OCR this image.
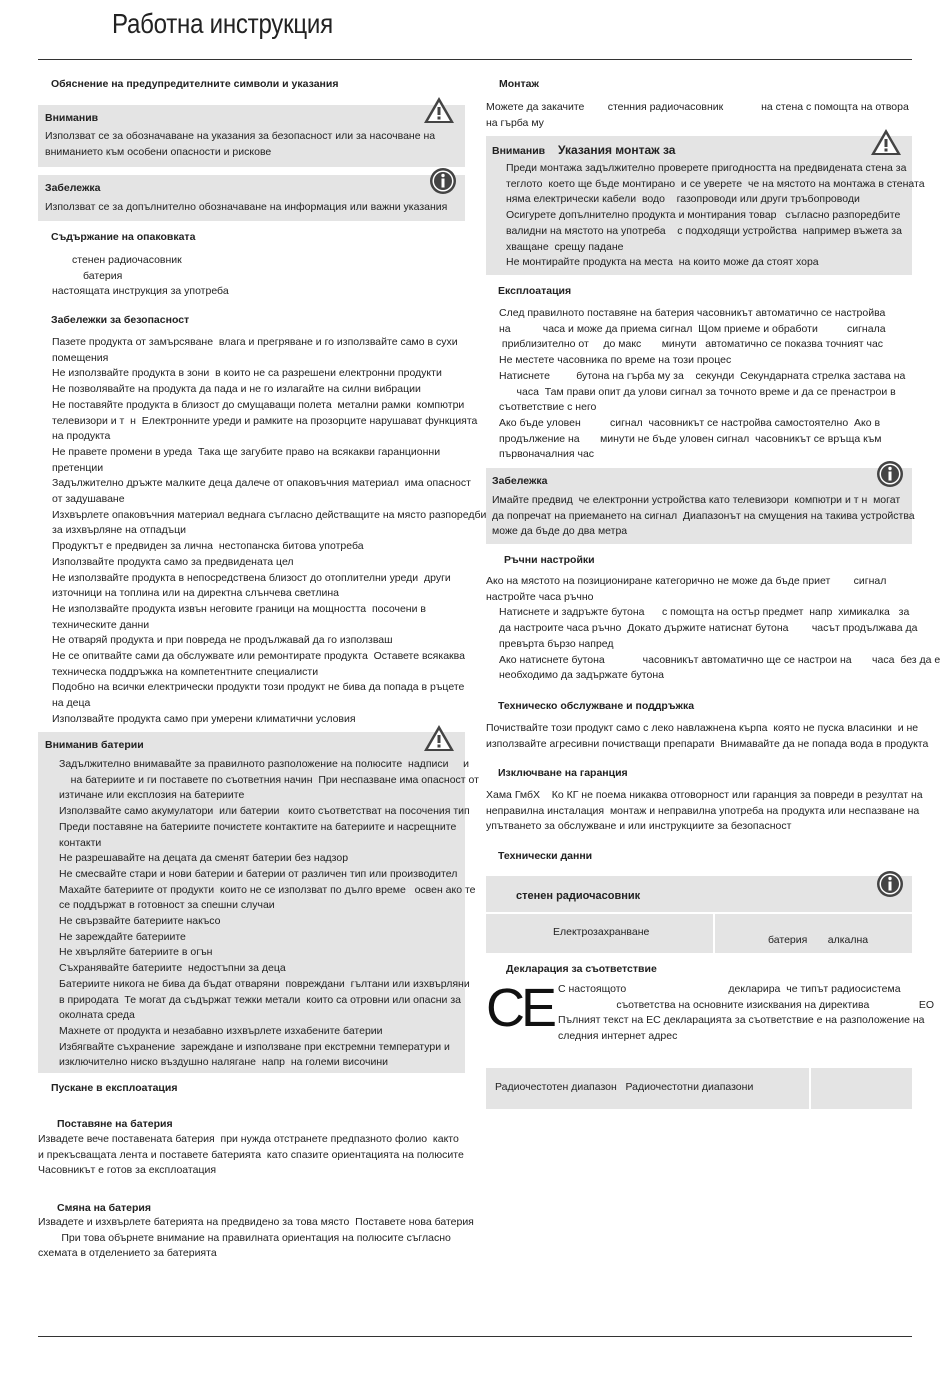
Работна инструкция
Обяснение на предупредителните символи и указания
Вниманив
Използват се за обозначаване на указания за безопасност или за насочване на
вниманието към особени опасности и рискове
Забележка
Използват се за допълнително обозначаване на информация или важни указания
Съдържание на опаковката
стенен радиочасовник
батерия
настоящата инструкция за употреба
Забележки за безопасност
Пазете продукта от замърсяване  влага и прегряване и го използвайте само в сухи
помещения
Не използвайте продукта в зони  в които не са разрешени електронни продукти
Не позволявайте на продукта да пада и не го излагайте на силни вибрации
Не поставяйте продукта в близост до смущаващи полета  метални рамки  компютри
телевизори и т  н  Електронните уреди и рамките на прозорците нарушават функцията
на продукта
Не правете промени в уреда  Така ще загубите право на всякакви гаранционни
претенции
Задължително дръжте малките деца далече от опаковъчния материал  има опасност
от задушаване
Изхвърлете опаковъчния материал веднага съгласно действащите на място разпоредби
за изхвърляне на отпадъци
Продуктът е предвиден за лична  нестопанска битова употреба
Използвайте продукта само за предвидената цел
Не използвайте продукта в непосредствена близост до отоплителни уреди  други
източници на топлина или на директна слънчева светлина
Не използвайте продукта извън неговите граници на мощността  посочени в
техническите данни
Не отваряй продукта и при повреда не продължавай да го използваш
Не се опитвайте сами да обслужвате или ремонтирате продукта  Оставете всякаква
техническа поддръжка на компетентните специалисти
Подобно на всички електрически продукти този продукт не бива да попада в ръцете
на деца
Използвайте продукта само при умерени климатични условия
Вниманив батерии
Задължително внимавайте за правилното разположение на полюсите  надписи     и
на батериите и ги поставете по съответния начин  При неспазване има опасност от
изтичане или експлозия на батериите
Използвайте само акумулатори  или батерии   които съответстват на посочения тип
Преди поставяне на батериите почистете контактите на батериите и насрещните
контакти
Не разрешавайте на децата да сменят батерии без надзор
Не смесвайте стари и нови батерии и батерии от различен тип или производител
Махайте батериите от продукти  които не се използват по дълго време   освен ако те
се поддържат в готовност за спешни случаи
Не свързвайте батериите накъсо
Не зареждайте батериите
Не хвърляйте батериите в огън
Съхранявайте батериите  недостъпни за деца
Батериите никога не бива да бъдат отваряни  повреждани  гълтани или изхвърляни
в природата  Те могат да съдържат тежки метали  които са отровни или опасни за
околната среда
Махнете от продукта и незабавно изхвърлете изхабените батерии
Избягвайте съхранение  зареждане и използване при екстремни температури и
изключително ниско въздушно налягане  напр  на големи височини
Пускане в експлоатация
Поставяне на батерия
Извадете вече поставената батерия  при нужда отстранете предпазното фолио  както
и прекъсващата лента и поставете батерията  като спазите ориентацията на полюсите
Часовникът е готов за експлоатация
Смяна на батерия
Извадете и изхвърлете батерията на предвидено за това място  Поставете нова батерия
При това обърнете внимание на правилната ориентация на полюсите съгласно
схемата в отделението за батерията
Монтаж
Можете да закачите        стенния радиочасовник             на стена с помощта на отвора
на гърба му
Вниманив Указания монтаж за
Преди монтажа задължително проверете пригодността на предвидената стена за
теглото  което ще бъде монтирано  и се уверете  че на мястото на монтажа в стената
няма електрически кабели  водо    газопроводи или други тръбопроводи
Осигурете допълнително продукта и монтирания товар   съгласно разпоредбите
валидни на мястото на употреба    с подходящи устройства  например въжета за
хващане  срещу падане
Не монтирайте продукта на места  на които може да стоят хора
Експлоатация
След правилното поставяне на батерия часовникът автоматично се настройва
на           часа и може да приема сигнал  Щом приеме и обработи          сигнала
приблизително от     до макс       минути   автоматично се показва точният час
Не местете часовника по време на този процес
Натиснете         бутона на гърба му за    секунди  Секундарната стрелка застава на
часа  Там прави опит да улови сигнал за точното време и да се пренастрои в
съответствие с него
Ако бъде уловен          сигнал  часовникът се настройва самостоятелно  Ако в
продължение на       минути не бъде уловен сигнал  часовникът се връща към
първоначалния час
Забележка
Имайте предвид  че електронни устройства като телевизори  компютри и т н  могат
да попречат на приемането на сигнал  Диапазонът на смущения на такива устройства
може да бъде до два метра
Ръчни настройки
Ако на мястото на позициониране категорично не може да бъде приет        сигнал
настройте часа ръчно
Натиснете и задръжте бутона      с помощта на остър предмет  напр  химикалка   за
да настроите часа ръчно  Докато държите натиснат бутона        часът продължава да
превърта бързо напред
Ако натиснете бутона             часовникът автоматично ще се настрои на       часа  без да е
необходимо да задържате бутона
Техническо обслужване и поддръжка
Почиствайте този продукт само с леко навлажнена кърпа  която не пуска власинки  и не
използвайте агресивни почистващи препарати  Внимавайте да не попада вода в продукта
Изключване на гаранция
Хама ГмбХ    Ко КГ не поема никаква отговорност или гаранция за повреди в резултат на
неправилна инсталация  монтаж и неправилна употреба на продукта или неспазване на
упътването за обслужване и или инструкциите за безопасност
Технически данни
стенен радиочасовник
Електрозахранване
батерия       алкална
Декларация за съответствие
CE С настоящото                                   декларира  че типът радиосистема
съответства на основните изисквания на директива                 ЕО
Пълният текст на ЕС декларацията за съответствие е на разположение на
следния интернет адрес
Радиочестотен диапазон   Радиочестотни диапазони
